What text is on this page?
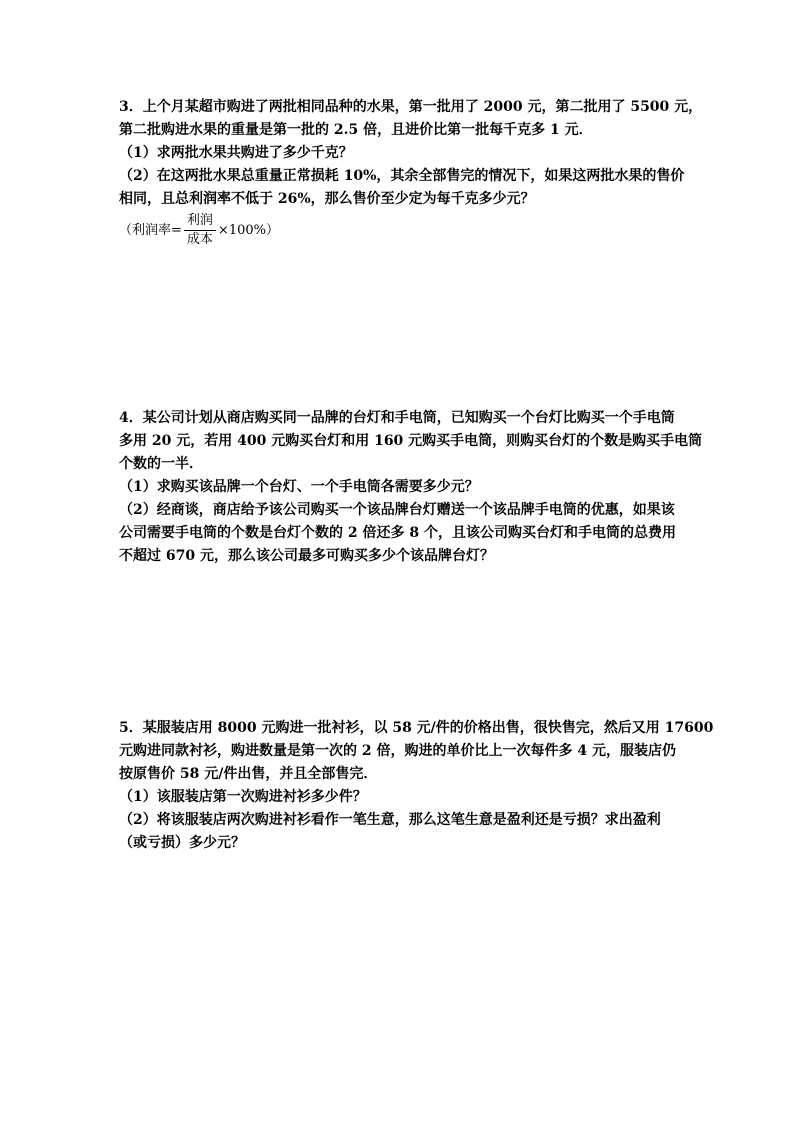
3．上个月某超市购进了两批相同品种的水果，第一批用了 2000 元，第二批用了 5500 元，

第二批购进水果的重量是第一批的 2.5 倍，且进价比第一批每千克多 1 元．

（1）求两批水果共购进了多少千克？

（2）在这两批水果总重量正常损耗 10%，其余全部售完的情况下，如果这两批水果的售价

相同，且总利润率不低于 26%，那么售价至少定为每千克多少元？

（利润率= $\frac{\text{利润}}{\text{成本}} \times 100\%$）

4．某公司计划从商店购买同一品牌的台灯和手电筒，已知购买一个台灯比购买一个手电筒

多用 20 元，若用 400 元购买台灯和用 160 元购买手电筒，则购买台灯的个数是购买手电筒

个数的一半．

（1）求购买该品牌一个台灯、一个手电筒各需要多少元？

（2）经商谈，商店给予该公司购买一个该品牌台灯赠送一个该品牌手电筒的优惠，如果该

公司需要手电筒的个数是台灯个数的 2 倍还多 8 个，且该公司购买台灯和手电筒的总费用

不超过 670 元，那么该公司最多可购买多少个该品牌台灯？

5．某服装店用 8000 元购进一批衬衫，以 58 元/件的价格出售，很快售完，然后又用 17600

元购进同款衬衫，购进数量是第一次的 2 倍，购进的单价比上一次每件多 4 元，服装店仍

按原售价 58 元/件出售，并且全部售完．

（1）该服装店第一次购进衬衫多少件？

（2）将该服装店两次购进衬衫看作一笔生意，那么这笔生意是盈利还是亏损？求出盈利

（或亏损）多少元？
